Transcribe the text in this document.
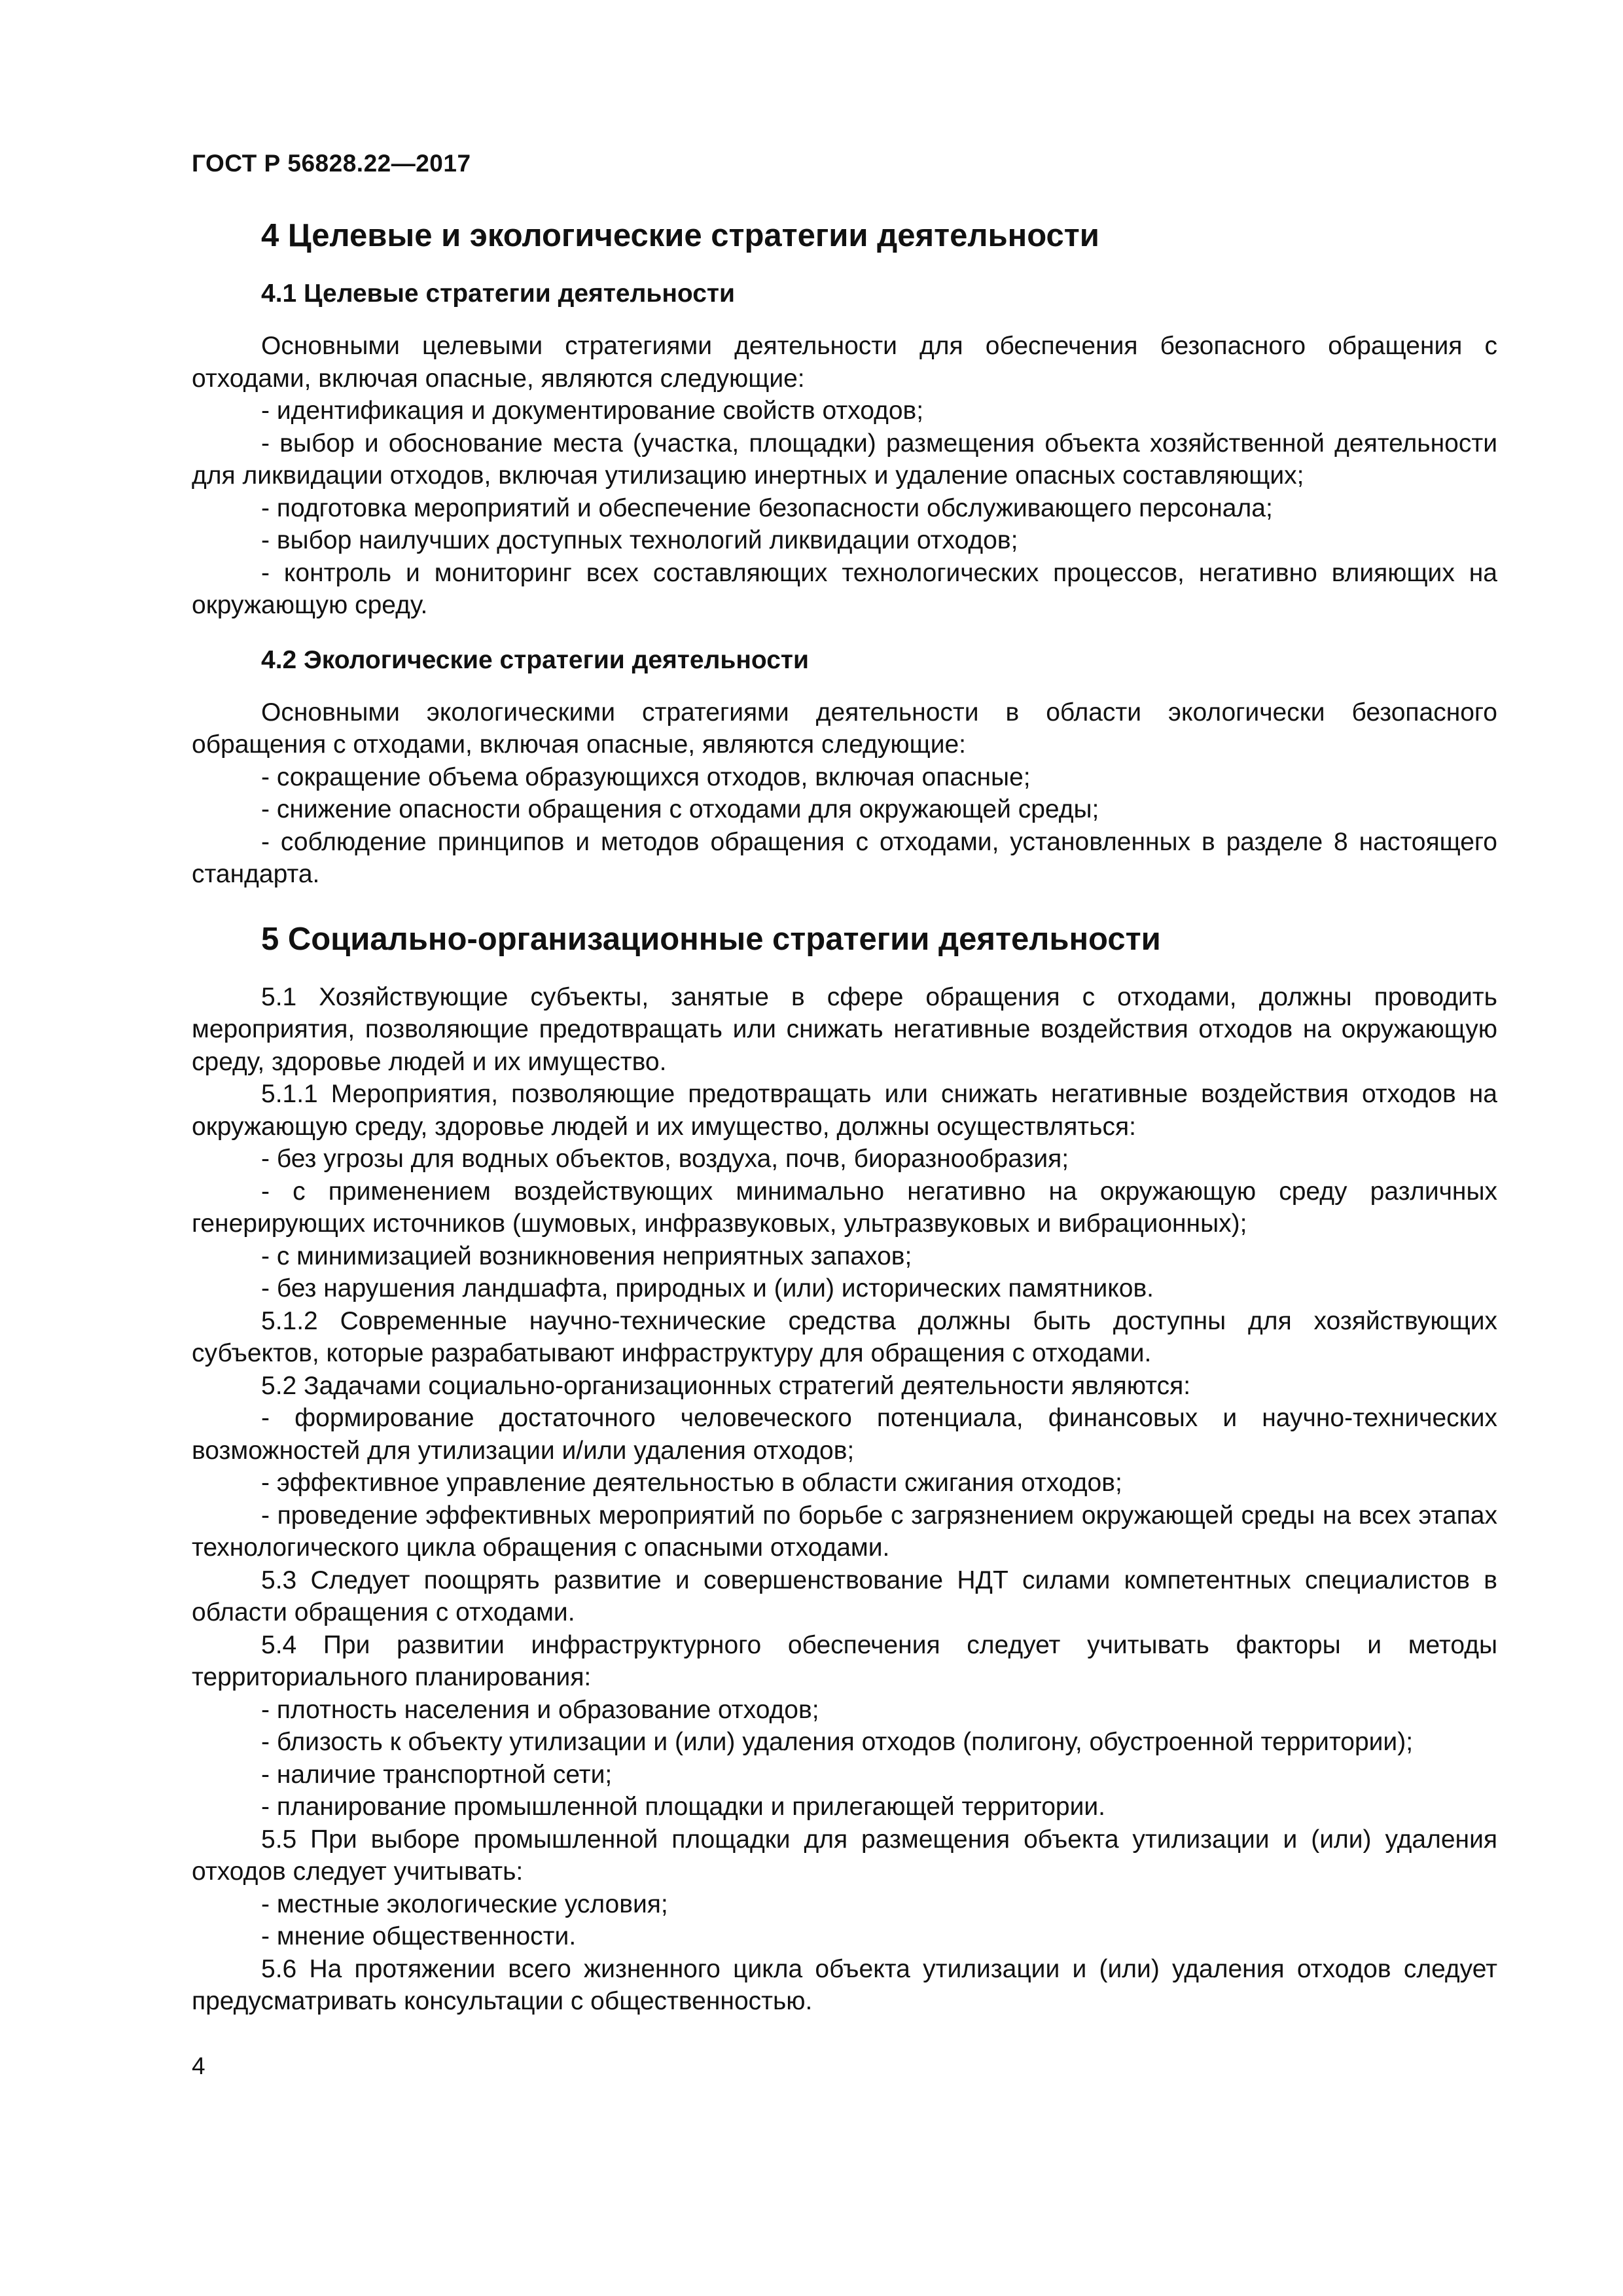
ГОСТ Р 56828.22—2017
4 Целевые и экологические стратегии деятельности
4.1 Целевые стратегии деятельности

Основными целевыми стратегиями деятельности для обеспечения безопасного обращения с отходами, включая опасные, являются следующие:

- идентификация и документирование свойств отходов;

- выбор и обоснование места (участка, площадки) размещения объекта хозяйственной деятельности для ликвидации отходов, включая утилизацию инертных и удаление опасных составляющих;

- подготовка мероприятий и обеспечение безопасности обслуживающего персонала;

- выбор наилучших доступных технологий ликвидации отходов;

- контроль и мониторинг всех составляющих технологических процессов, негативно влияющих на окружающую среду.

4.2 Экологические стратегии деятельности

Основными экологическими стратегиями деятельности в области экологически безопасного обращения с отходами, включая опасные, являются следующие:

- сокращение объема образующихся отходов, включая опасные;

- снижение опасности обращения с отходами для окружающей среды;

- соблюдение принципов и методов обращения с отходами, установленных в разделе 8 настоящего стандарта.

5 Социально-организационные стратегии деятельности

5.1 Хозяйствующие субъекты, занятые в сфере обращения с отходами, должны проводить мероприятия, позволяющие предотвращать или снижать негативные воздействия отходов на окружающую среду, здоровье людей и их имущество.

5.1.1 Мероприятия, позволяющие предотвращать или снижать негативные воздействия отходов на окружающую среду, здоровье людей и их имущество, должны осуществляться:

- без угрозы для водных объектов, воздуха, почв, биоразнообразия;

- с применением воздействующих минимально негативно на окружающую среду различных генерирующих источников (шумовых, инфразвуковых, ультразвуковых и вибрационных);

- с минимизацией возникновения неприятных запахов;

- без нарушения ландшафта, природных и (или) исторических памятников.

5.1.2 Современные научно-технические средства должны быть доступны для хозяйствующих субъектов, которые разрабатывают инфраструктуру для обращения с отходами.

5.2 Задачами социально-организационных стратегий деятельности являются:

- формирование достаточного человеческого потенциала, финансовых и научно-технических возможностей для утилизации и/или удаления отходов;

- эффективное управление деятельностью в области сжигания отходов;

- проведение эффективных мероприятий по борьбе с загрязнением окружающей среды на всех этапах технологического цикла обращения с опасными отходами.

5.3 Следует поощрять развитие и совершенствование НДТ силами компетентных специалистов в области обращения с отходами.

5.4 При развитии инфраструктурного обеспечения следует учитывать факторы и методы территориального планирования:

- плотность населения и образование отходов;

- близость к объекту утилизации и (или) удаления отходов (полигону, обустроенной территории);

- наличие транспортной сети;

- планирование промышленной площадки и прилегающей территории.

5.5 При выборе промышленной площадки для размещения объекта утилизации и (или) удаления отходов следует учитывать:

- местные экологические условия;

- мнение общественности.

5.6 На протяжении всего жизненного цикла объекта утилизации и (или) удаления отходов следует предусматривать консультации с общественностью.

4
